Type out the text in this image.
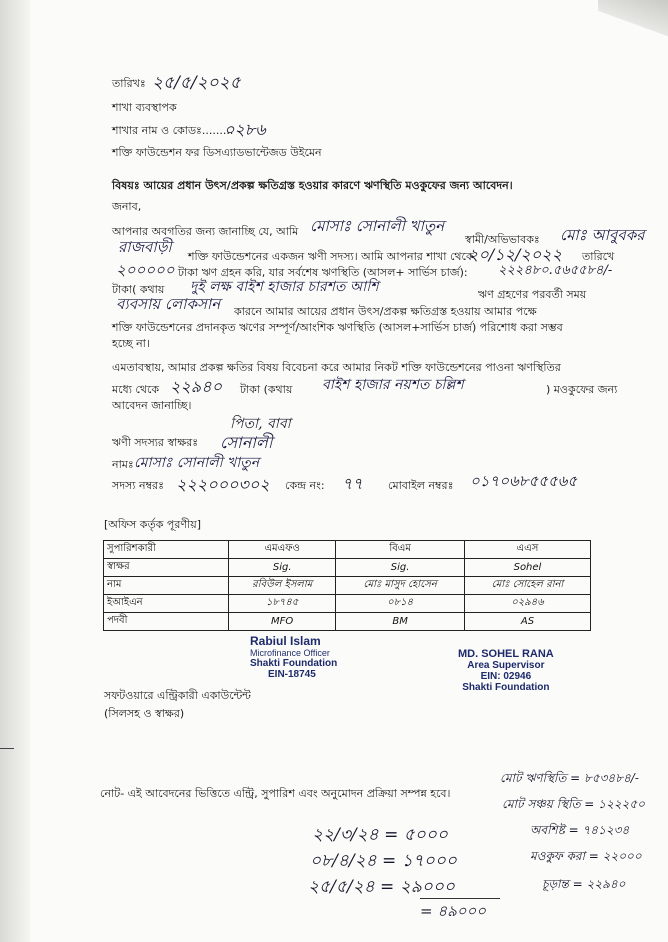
তারিখঃ ২৫/৫/২০২৫
শাখা ব্যবস্থাপক
শাখার নাম ও কোডঃ.........
০২৮৬
শক্তি ফাউন্ডেশন ফর ডিসএ্যাডভান্টেজড উইমেন
বিষয়ঃ আয়ের প্রধান উৎস/প্রকল্প ক্ষতিগ্রস্ত হওয়ার কারণে ঋণস্থিতি মওকুফের জন্য আবেদন।
জনাব,
আপনার অবগতির জন্য জানাচ্ছি যে, আমি মোসাঃ সোনালী খাতুন
স্বামী/অভিভাবকঃ মোঃ আবুবকর
রাজবাড়ী
শক্তি ফাউন্ডেশনের একজন ঋণী সদস্য। আমি আপনার শাখা থেকে
২০/১২/২০২২ তারিখে
২০০০০০ টাকা ঋণ গ্রহন করি, যার সর্বশেষ ঋণস্থিতি (আসল+ সার্ভিস চার্জ): ২২২৪৮০.৫৬৫৫৮৪/-
টাকা( কথায় দুই লক্ষ বাইশ হাজার চারশত আশি	ঋণ গ্রহণের পরবর্তী সময়
ব্যবসায় লোকসান কারনে আমার আয়ের প্রধান উৎস/প্রকল্প ক্ষতিগ্রস্ত হওয়ায় আমার পক্ষে
শক্তি ফাউন্ডেশনের প্রদানকৃত ঋণের সম্পূর্ণ/আংশিক ঋণস্থিতি (আসল+সার্ভিস চার্জ) পরিশোধ করা সম্ভব
হচ্ছে না।
এমতাবস্থায়, আমার প্রকল্প ক্ষতির বিষয় বিবেচনা করে আমার নিকট শক্তি ফাউন্ডেশনের পাওনা ঋণস্থিতির
মধ্যে থেকে ২২৯৪০ টাকা (কথায় বাইশ হাজার নয়শত চল্লিশ	) মওকুফের জন্য
আবেদন জানাচ্ছি।
পিতা, বাবা
ঋণী সদস্যর স্বাক্ষরঃ সোনালী
নামঃ মোসাঃ সোনালী খাতুন
সদস্য নম্বরঃ ২২২০০০৩০২ কেন্দ্র নং: ৭৭ মোবাইল নম্বরঃ ০১৭০৬৮৫৫৫৬৫
[অফিস কর্তৃক পূরণীয়]
সুপারিশকারী	এমএফও	বিএম	এএস
স্বাক্ষর	Sig.	Sig.	Sohel
নাম	রবিউল ইসলাম	মোঃ মাসুদ হোসেন	মোঃ সোহেল রানা
ইআইএন	১৮৭৪৫	০৮১৪	০২৯৪৬
পদবী	MFO	BM	AS
Rabiul Islam
Microfinance Officer
Shakti Foundation
EIN-18745
MD. SOHEL RANA
Area Supervisor
EIN: 02946
Shakti Foundation
সফটওয়ারে এন্ট্রিকারী একাউন্টেন্ট
(সিলসহ ও স্বাক্ষর)
নোট- এই আবেদনের ভিত্তিতে এন্ট্রি, সুপারিশ এবং অনুমোদন প্রক্রিয়া সম্পন্ন হবে।
২২/৩/২৪ = ৫০০০
০৮/৪/২৪ = ১৭০০০
২৫/৫/২৪ = ২৯০০০
= ৪৯০০০
মোট ঋণস্থিতি = ৮৫৩৪৮৪/-
মোট সঞ্চয় স্থিতি = ১২২২৫০
অবশিষ্ট = ৭৪১২৩৪
মওকুফ করা = ২২০০০
চূড়ান্ত = ২২৯৪০
